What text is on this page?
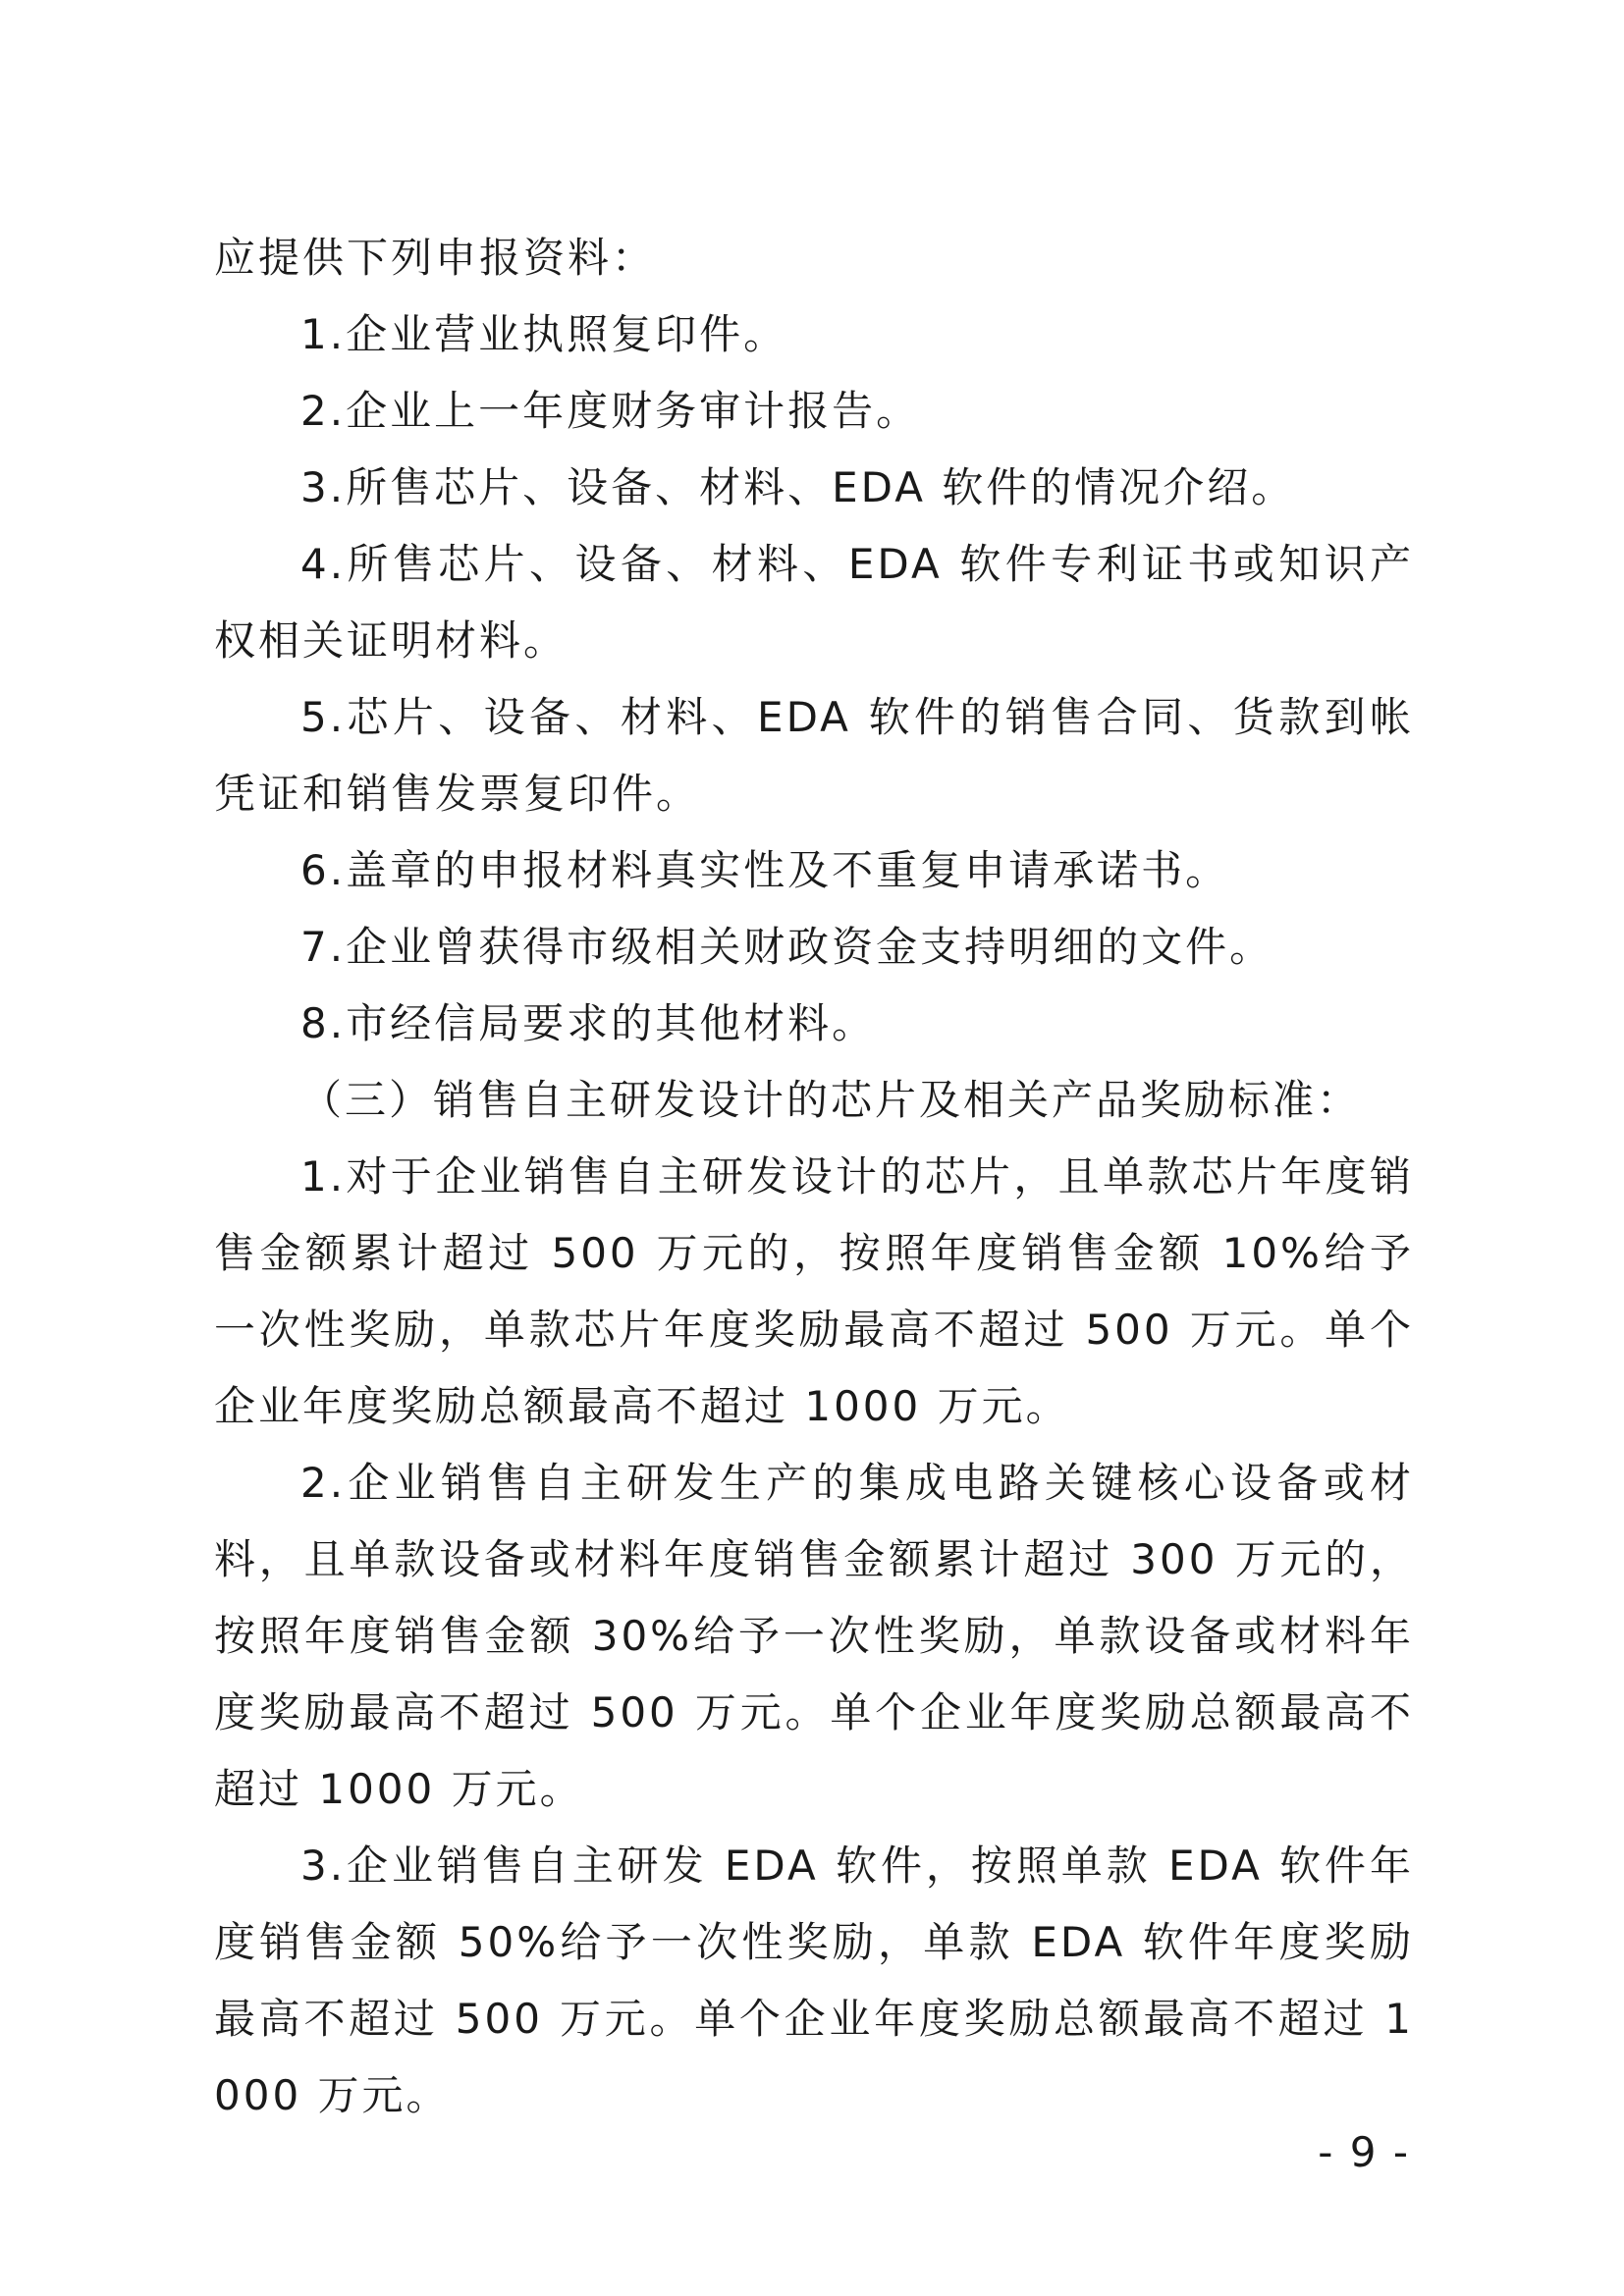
应提供下列申报资料：

1.企业营业执照复印件。

2.企业上一年度财务审计报告。

3.所售芯片、设备、材料、EDA 软件的情况介绍。

4.所售芯片、设备、材料、EDA 软件专利证书或知识产权相关证明材料。

5.芯片、设备、材料、EDA 软件的销售合同、货款到帐凭证和销售发票复印件。

6.盖章的申报材料真实性及不重复申请承诺书。

7.企业曾获得市级相关财政资金支持明细的文件。

8.市经信局要求的其他材料。

（三）销售自主研发设计的芯片及相关产品奖励标准：

1.对于企业销售自主研发设计的芯片，且单款芯片年度销售金额累计超过 500 万元的，按照年度销售金额 10%给予一次性奖励，单款芯片年度奖励最高不超过 500 万元。单个企业年度奖励总额最高不超过 1000 万元。

2.企业销售自主研发生产的集成电路关键核心设备或材料，且单款设备或材料年度销售金额累计超过 300 万元的，按照年度销售金额 30%给予一次性奖励，单款设备或材料年度奖励最高不超过 500 万元。单个企业年度奖励总额最高不超过 1000 万元。

3.企业销售自主研发 EDA 软件，按照单款 EDA 软件年度销售金额 50%给予一次性奖励，单款 EDA 软件年度奖励最高不超过 500 万元。单个企业年度奖励总额最高不超过 1000 万元。

- 9 -
